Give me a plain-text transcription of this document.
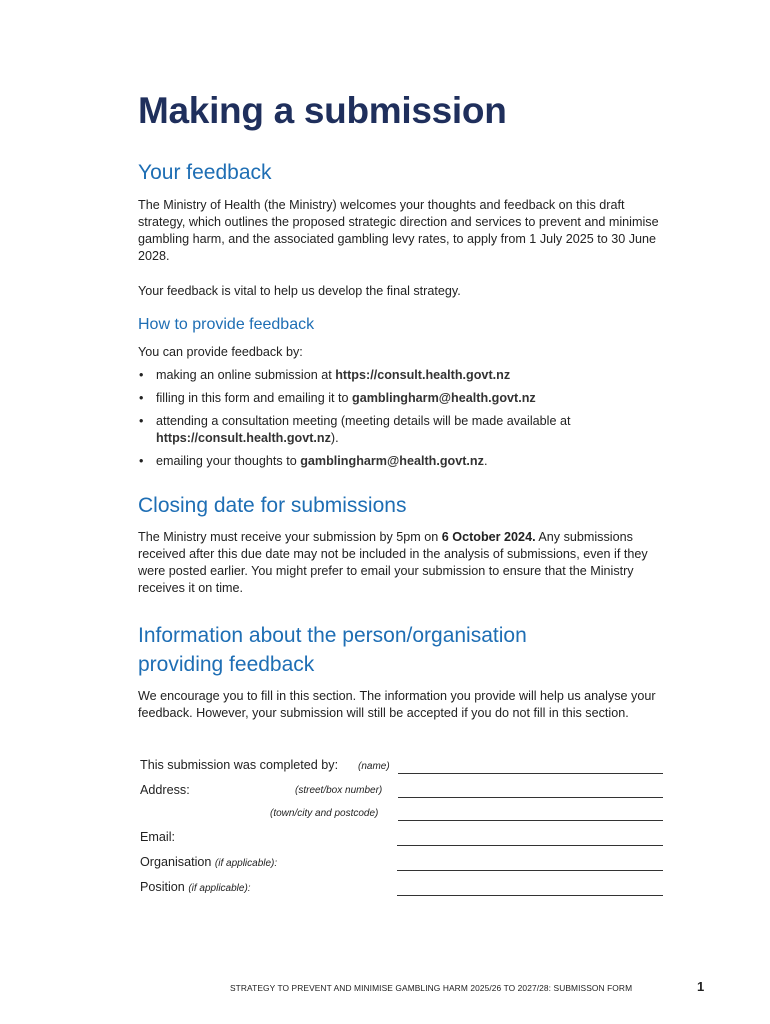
Making a submission
Your feedback

The Ministry of Health (the Ministry) welcomes your thoughts and feedback on this draft strategy, which outlines the proposed strategic direction and services to prevent and minimise gambling harm, and the associated gambling levy rates, to apply from 1 July 2025 to 30 June 2028.

Your feedback is vital to help us develop the final strategy.

How to provide feedback

You can provide feedback by:

• making an online submission at https://consult.health.govt.nz
• filling in this form and emailing it to gamblingharm@health.govt.nz
• attending a consultation meeting (meeting details will be made available at https://consult.health.govt.nz).
• emailing your thoughts to gamblingharm@health.govt.nz.
Closing date for submissions

The Ministry must receive your submission by 5pm on 6 October 2024. Any submissions received after this due date may not be included in the analysis of submissions, even if they were posted earlier. You might prefer to email your submission to ensure that the Ministry receives it on time.

Information about the person/organisation
providing feedback

We encourage you to fill in this section. The information you provide will help us analyse your feedback. However, your submission will still be accepted if you do not fill in this section.

This submission was completed by: (name)
Address:	(street/box number)
(town/city and postcode)
Email:
Organisation (if applicable):
Position (if applicable):
STRATEGY TO PREVENT AND MINIMISE GAMBLING HARM 2025/26 TO 2027/28: SUBMISSON FORM	1
